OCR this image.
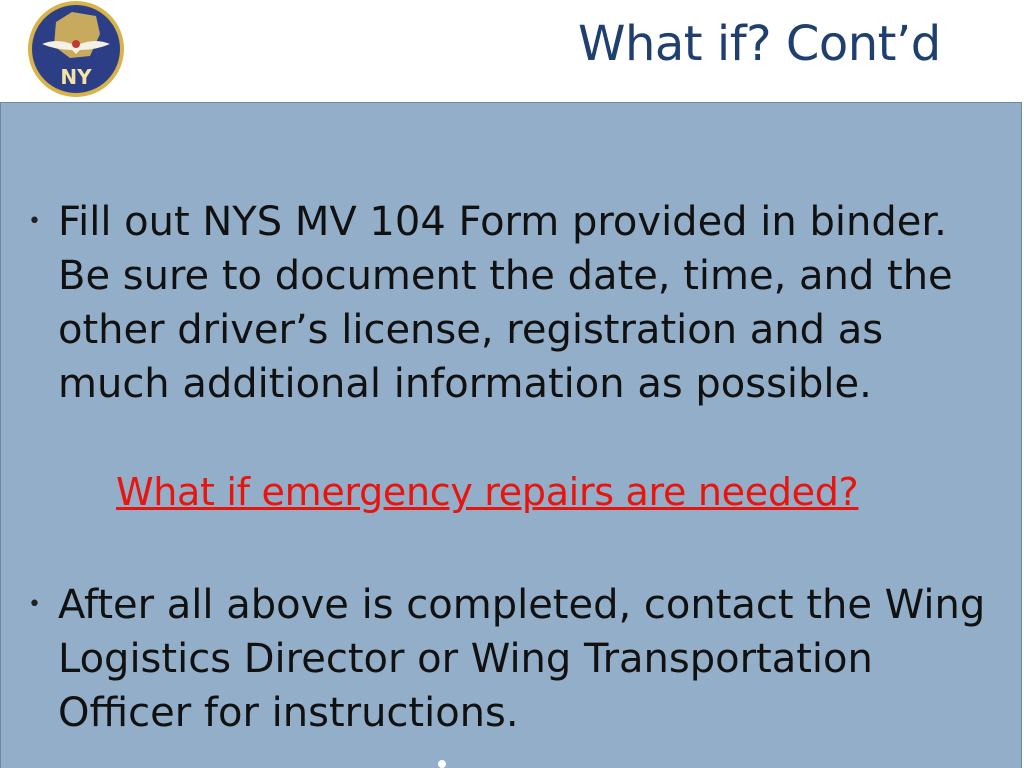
NY
What if? Cont’d
• Fill out NYS MV 104 Form provided in binder.
Be sure to document the date, time, and the
other driver’s license, registration and as
much additional information as possible.
What if emergency repairs are needed?
• After all above is completed, contact the Wing
Logistics Director or Wing Transportation
Officer for instructions.
